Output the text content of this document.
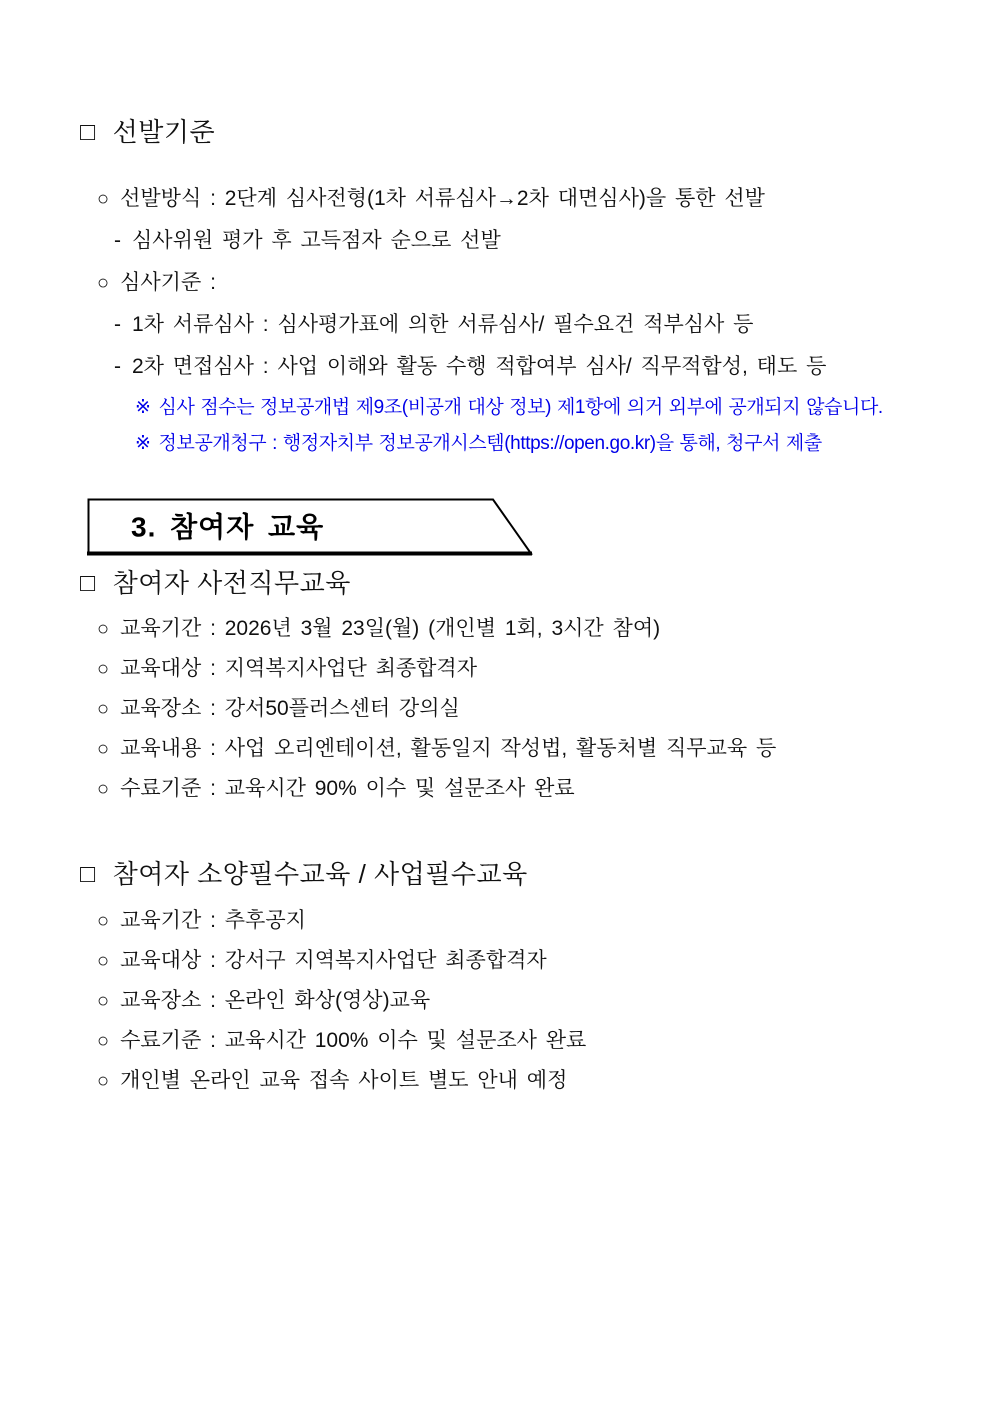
□ 선발기준
○ 선발방식 : 2단계 심사전형(1차 서류심사→2차 대면심사)을 통한 선발
- 심사위원 평가 후 고득점자 순으로 선발
○ 심사기준 :
- 1차 서류심사 : 심사평가표에 의한 서류심사/ 필수요건 적부심사 등
- 2차 면접심사 : 사업 이해와 활동 수행 적합여부 심사/ 직무적합성, 태도 등
※ 심사 점수는 정보공개법 제9조(비공개 대상 정보) 제1항에 의거 외부에 공개되지 않습니다.
※ 정보공개청구 : 행정자치부 정보공개시스템(https://open.go.kr)을 통해, 청구서 제출
3. 참여자 교육
□ 참여자 사전직무교육
○ 교육기간 : 2026년 3월 23일(월) (개인별 1회, 3시간 참여)
○ 교육대상 : 지역복지사업단 최종합격자
○ 교육장소 : 강서50플러스센터 강의실
○ 교육내용 : 사업 오리엔테이션, 활동일지 작성법, 활동처별 직무교육 등
○ 수료기준 : 교육시간 90% 이수 및 설문조사 완료
□ 참여자 소양필수교육 / 사업필수교육
○ 교육기간 : 추후공지
○ 교육대상 : 강서구 지역복지사업단 최종합격자
○ 교육장소 : 온라인 화상(영상)교육
○ 수료기준 : 교육시간 100% 이수 및 설문조사 완료
○ 개인별 온라인 교육 접속 사이트 별도 안내 예정
